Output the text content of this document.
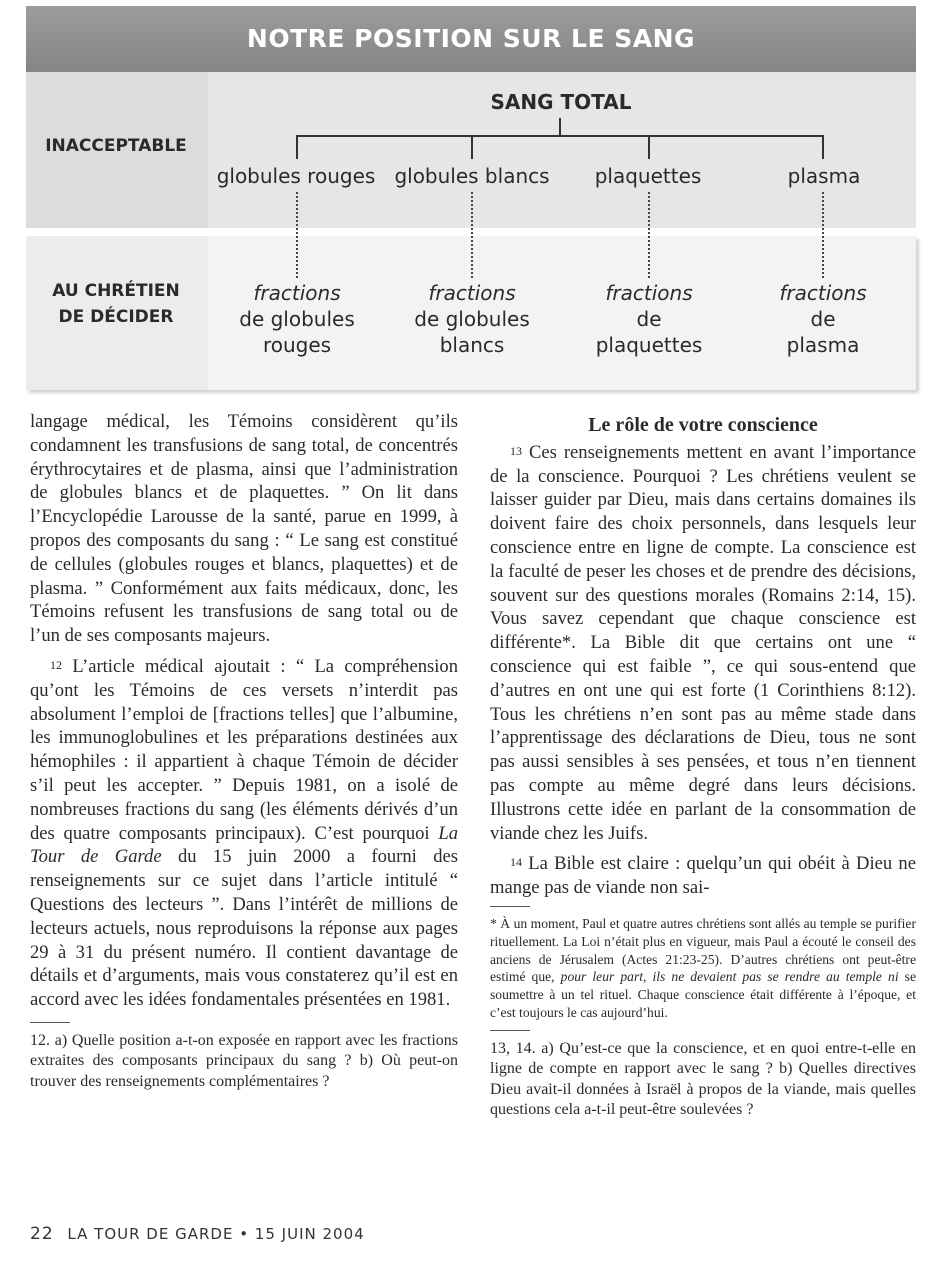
NOTRE POSITION SUR LE SANG
INACCEPTABLE
AU CHRÉTIEN
DE DÉCIDER
SANG TOTAL
globules rouges globules blancs	plaquettes	plasma
fractions
de globules
rouges
fractions
de globules
blancs
fractions
de
plaquettes
fractions
de
plasma

langage médical, les Témoins considèrent qu’ils condamnent les transfusions de sang total, de concentrés érythrocytaires et de plasma, ainsi que l’administration de globules blancs et de plaquettes. ” On lit dans l’Encyclopédie Larousse de la santé, parue en 1999, à propos des composants du sang : “ Le sang est constitué de cellules (globules rouges et blancs, plaquettes) et de plasma. ” Conformément aux faits médicaux, donc, les Témoins refusent les transfusions de sang total ou de l’un de ses composants majeurs.

12 L’article médical ajoutait : “ La compréhension qu’ont les Témoins de ces versets n’interdit pas absolument l’emploi de [fractions telles] que l’albumine, les immunoglobulines et les préparations destinées aux hémophiles : il appartient à chaque Témoin de décider s’il peut les accepter. ” Depuis 1981, on a isolé de nombreuses fractions du sang (les éléments dérivés d’un des quatre composants principaux). C’est pourquoi La Tour de Garde du 15 juin 2000 a fourni des renseignements sur ce sujet dans l’article intitulé “ Questions des lecteurs ”. Dans l’intérêt de millions de lecteurs actuels, nous reproduisons la réponse aux pages 29 à 31 du présent numéro. Il contient davantage de détails et d’arguments, mais vous constaterez qu’il est en accord avec les idées fondamentales présentées en 1981.

12. a) Quelle position a-t-on exposée en rapport avec les fractions extraites des composants principaux du sang ? b) Où peut-on trouver des renseignements complémentaires ?

Le rôle de votre conscience

13 Ces renseignements mettent en avant l’importance de la conscience. Pourquoi ? Les chrétiens veulent se laisser guider par Dieu, mais dans certains domaines ils doivent faire des choix personnels, dans lesquels leur conscience entre en ligne de compte. La conscience est la faculté de peser les choses et de prendre des décisions, souvent sur des questions morales (Romains 2:14, 15). Vous savez cependant que chaque conscience est différente*. La Bible dit que certains ont une “ conscience qui est faible ”, ce qui sous-entend que d’autres en ont une qui est forte (1 Corinthiens 8:12). Tous les chrétiens n’en sont pas au même stade dans l’apprentissage des déclarations de Dieu, tous ne sont pas aussi sensibles à ses pensées, et tous n’en tiennent pas compte au même degré dans leurs décisions. Illustrons cette idée en parlant de la consommation de viande chez les Juifs.

14 La Bible est claire : quelqu’un qui obéit à Dieu ne mange pas de viande non sai-

* À un moment, Paul et quatre autres chrétiens sont allés au temple se purifier rituellement. La Loi n’était plus en vigueur, mais Paul a écouté le conseil des anciens de Jérusalem (Actes 21:23-25). D’autres chrétiens ont peut-être estimé que, pour leur part, ils ne devaient pas se rendre au temple ni se soumettre à un tel rituel. Chaque conscience était différente à l’époque, et c’est toujours le cas aujourd’hui.

13, 14. a) Qu’est-ce que la conscience, et en quoi entre-t-elle en ligne de compte en rapport avec le sang ? b) Quelles directives Dieu avait-il données à Israël à propos de la viande, mais quelles questions cela a-t-il peut-être soulevées ?

22 LA TOUR DE GARDE • 15 JUIN 2004
